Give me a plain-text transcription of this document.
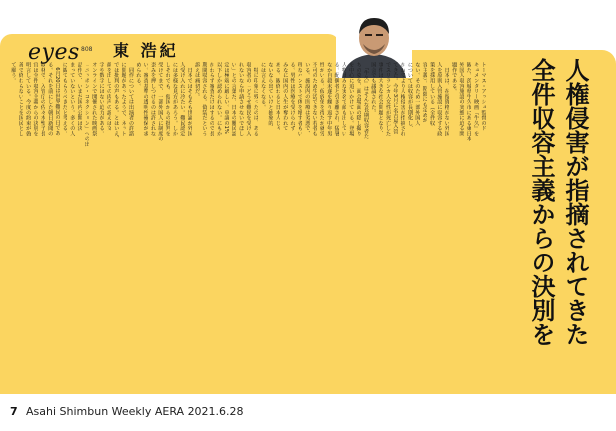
eyes 808 東 浩紀
人権侵害が指摘されてきた
全件収容主義からの決別を
トーマス・アッシュ監督のド
キュメンタリー映画『牛久』を
観た。茨城県牛久市にある東日本
外国人収容施設の実態に迫る問
題作である。
　日本は、在留資格がない外国
人を原則入管施設に収容する政
策を採用している（全件収
容主義）。期限にも定めが
ない。そのため一部外国人
については収容が長期化し、
かねてより人権侵害が指摘され
てきた。今年3月に名古屋入管
でスリランカ人女性が死亡した
事件は大きな社会問題となり、
国会でも議論された。
　『牛久』はそんな長期収容者た
ちの姿を、面会場面の隠し撮り
を中心に追いかけている。登場
人物はみな実名で顔も出してい
る。配偶者と引き離され、猛暑
なか自殺未遂を繰り返す中年男
性がいる。仮放免を得たが就労
不可のため生活できない若者も
いる。施設内の医療は劣悪で、
理なハンストで体を壊す者もい
る。男性は医療を受けられず
みなに国内の人生が奪われて
ある。観終わると日本人じゃ
ないなら出ていけと抽象的
には言えなくなる。
　特に印象に残ったのは、ある
収容者の「どうせ難民を受け入
れないなら申請させないでほし
い」との言葉だ。日本の難民認
定は極端に厳しい。申請の1%
以下しか認められない。にもか
かわらず審査だけはするので長
期間収容される。偽装だという
訴えは痛切だ。
　日本ではそもそも世論が外国
人受け入れに冷たい。難民認定
には多様な見方があろう。しか
しそれでも、他国からの批判を
受けてまで、一部外国人に制度の
歪みを押しつけるのは許されな
い。審査基準の透明性確保が求
められる。
　同作については出演者の許諾
に問題があったようで、ネット
では批判の声もある。とはいえ、
顔を出しての肉声の訴えは文
字や数字にはない迫力がある。
オンラインで開催された映画祭
「ニッポン・コネクション」への出
品作で、いまだ国内公開は決
まっていないという。多くの人
に観てもらうべきだと考える。
　6月20日は世界難民の日であ
る。それを前にした朝日新聞の
取材で、入管庁の佐々木聖子長
官は全件収容主義からの決別を
明言している。今度の約束が偽
善で終わらないことを国民とし
て願う。
7 Asahi Shimbun Weekly AERA 2021.6.28
